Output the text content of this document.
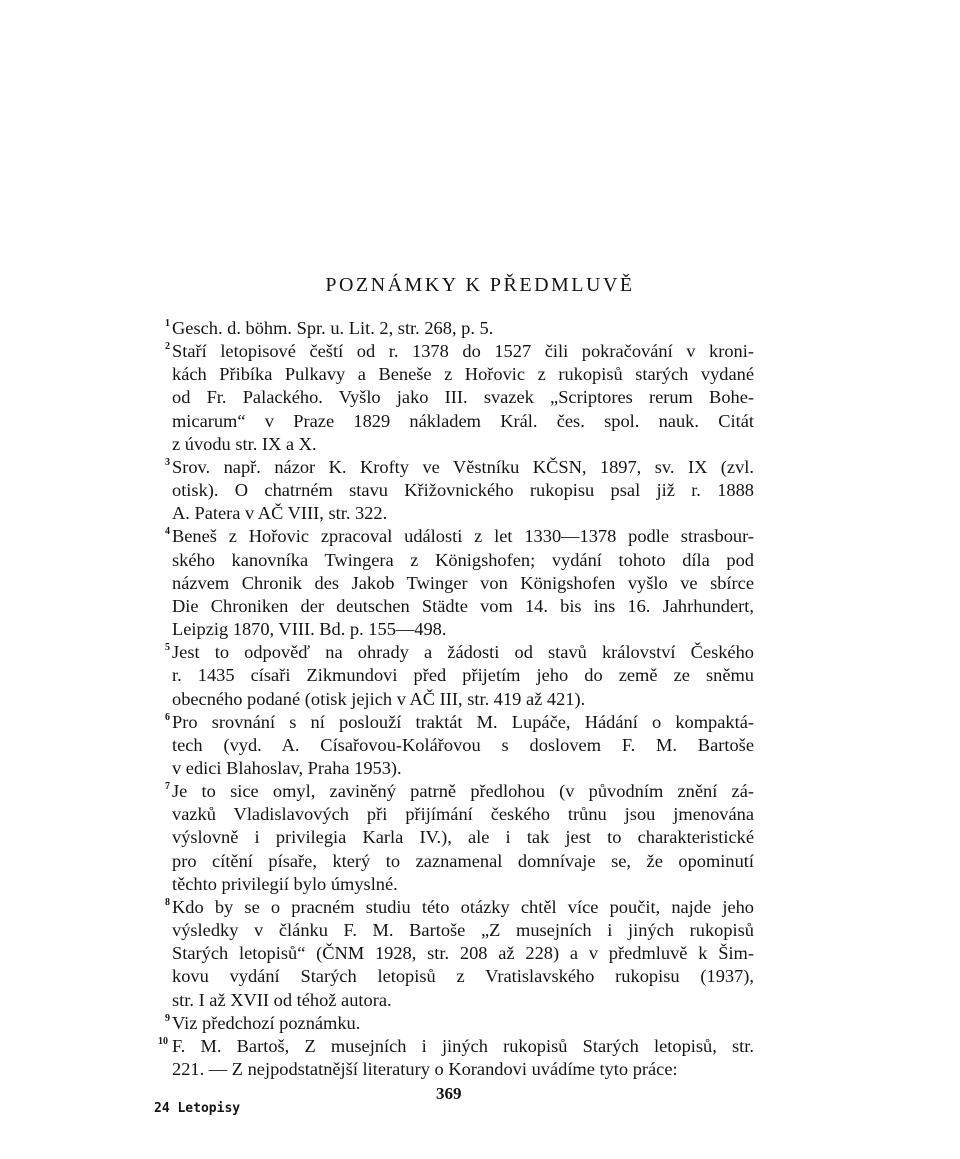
POZNÁMKY K PŘEDMLUVĚ
1 Gesch. d. böhm. Spr. u. Lit. 2, str. 268, p. 5.
2 Staří letopisové čeští od r. 1378 do 1527 čili pokračování v kroni-
kách Přibíka Pulkavy a Beneše z Hořovic z rukopisů starých vydané
od Fr. Palackého. Vyšlo jako III. svazek „Scriptores rerum Bohe-
micarum“ v Praze 1829 nákladem Král. čes. spol. nauk. Citát
z úvodu str. IX a X.
3 Srov. např. názor K. Krofty ve Věstníku KČSN, 1897, sv. IX (zvl.
otisk). O chatrném stavu Křižovnického rukopisu psal již r. 1888
A. Patera v AČ VIII, str. 322.
4 Beneš z Hořovic zpracoval události z let 1330—1378 podle strasbour-
ského kanovníka Twingera z Königshofen; vydání tohoto díla pod
názvem Chronik des Jakob Twinger von Königshofen vyšlo ve sbírce
Die Chroniken der deutschen Städte vom 14. bis ins 16. Jahrhundert,
Leipzig 1870, VIII. Bd. p. 155—498.
5 Jest to odpověď na ohrady a žádosti od stavů království Českého
r. 1435 císaři Zikmundovi před přijetím jeho do země ze sněmu
obecného podané (otisk jejich v AČ III, str. 419 až 421).
6 Pro srovnání s ní poslouží traktát M. Lupáče, Hádání o kompaktá-
tech (vyd. A. Císařovou-Kolářovou s doslovem F. M. Bartoše
v edici Blahoslav, Praha 1953).
7 Je to sice omyl, zaviněný patrně předlohou (v původním znění zá-
vazků Vladislavových při přijímání českého trůnu jsou jmenována
výslovně i privilegia Karla IV.), ale i tak jest to charakteristické
pro cítění písaře, který to zaznamenal domnívaje se, že opominutí
těchto privilegií bylo úmyslné.
8 Kdo by se o pracném studiu této otázky chtěl více poučit, najde jeho
výsledky v článku F. M. Bartoše „Z musejních i jiných rukopisů
Starých letopisů“ (ČNM 1928, str. 208 až 228) a v předmluvě k Šim-
kovu vydání Starých letopisů z Vratislavského rukopisu (1937),
str. I až XVII od téhož autora.
9 Viz předchozí poznámku.
10 F. M. Bartoš, Z musejních i jiných rukopisů Starých letopisů, str.
221. — Z nejpodstatnější literatury o Korandovi uvádíme tyto práce:
24 Letopisy
369
